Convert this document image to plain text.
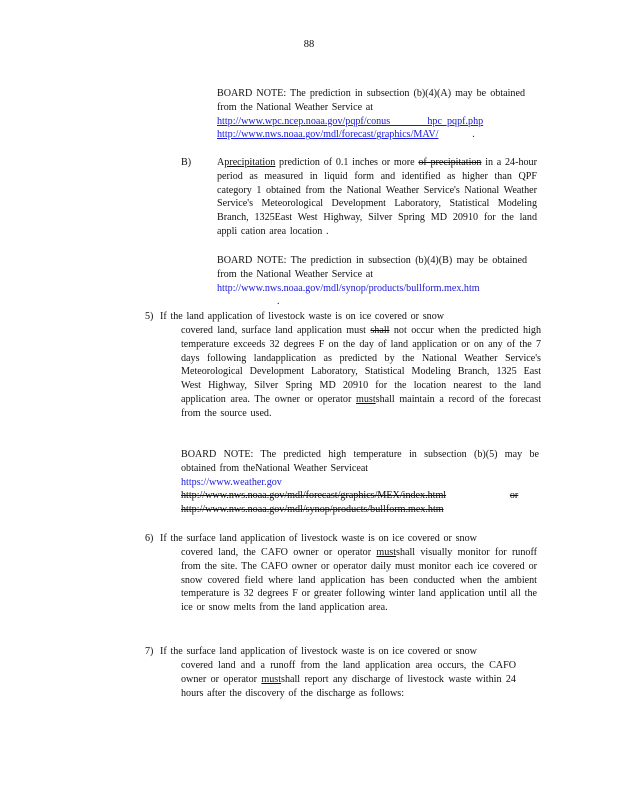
88
BOARD NOTE: The prediction in subsection (b)(4)(A) may be obtained from the National Weather Service at
http://www.wpc.ncep.noaa.gov/pqpf/conus          hpc_pqpf.php
http://www.nws.noaa.gov/mdl/forecast/graphics/MAV/	.
B)	Aprecipitation prediction of 0.1 inches or more of precipitation in a 24-hour period as measured in liquid form and identified as higher than QPF category 1 obtained from the National Weather Service's National Weather Service's Meteorological Development Laboratory, Statistical Modeling Branch, 1325East West Highway, Silver Spring MD 20910 for the land appli cation area location .
BOARD NOTE: The prediction in subsection (b)(4)(B) may be obtained from the National Weather Service at
http://www.nws.noaa.gov/mdl/synop/products/bullform.mex.htm .
5) If the land application of livestock waste is on ice covered or snow
covered land, surface land application must shall not occur when the predicted high temperature exceeds 32 degrees F on the day of land application or on any of the 7 days following landapplication as predicted by the National Weather Service's Meteorological Development Laboratory, Statistical Modeling Branch, 1325 East West Highway, Silver Spring MD 20910 for the location nearest to the land application area. The owner or operator mustshall maintain a record of the forecast from the source used.
BOARD NOTE: The predicted high temperature in subsection (b)(5) may be obtained from theNational Weather Serviceat
https://www.weather.gov
http://www.nws.noaa.gov/mdl/forecast/graphics/MEX/index.html	or
http://www.nws.noaa.gov/mdl/synop/products/bullform.mex.htm
6) If the surface land application of livestock waste is on ice covered or snow
covered land, the CAFO owner or operator mustshall visually monitor for runoff from the site. The CAFO owner or operator daily must monitor each ice covered or snow covered field where land application has been conducted when the ambient temperature is 32 degrees F or greater following winter land application until all the ice or snow melts from the land application area.
7) If the surface land application of livestock waste is on ice covered or snow
covered land and a runoff from the land application area occurs, the CAFO owner or operator mustshall report any discharge of livestock waste within 24 hours after the discovery of the discharge as follows:
